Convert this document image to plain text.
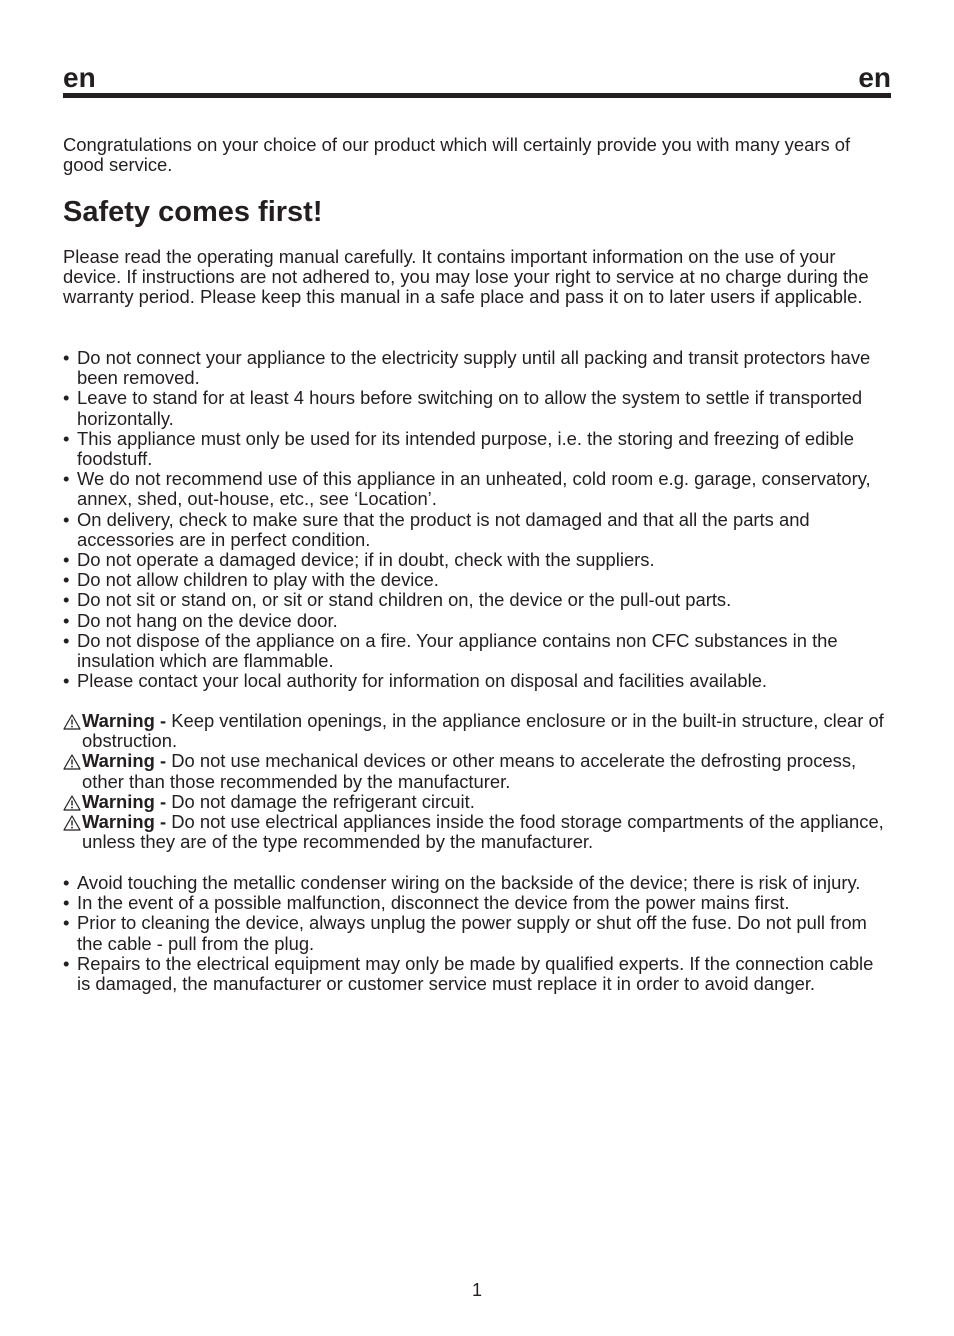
en	en
Congratulations on your choice of our product which will certainly provide you with many years of good service.
Safety comes first!
Please read the operating manual carefully. It contains important information on the use of your device. If instructions are not adhered to, you may lose your right to service at no charge during the warranty period. Please keep this manual in a safe place and pass it on to later users if applicable.
• Do not connect your appliance to the electricity supply until all packing and transit protectors have been removed.
• Leave to stand for at least 4 hours before switching on to allow the system to settle if transported horizontally.
• This appliance must only be used for its intended purpose, i.e. the storing and freezing of edible foodstuff.
• We do not recommend use of this appliance in an unheated, cold room e.g. garage, conservatory, annex, shed, out-house, etc., see ‘Location’.
• On delivery, check to make sure that the product is not damaged and that all the parts and accessories are in perfect condition.
• Do not operate a damaged device; if in doubt, check with the suppliers.
• Do not allow children to play with the device.
• Do not sit or stand on, or sit or stand children on, the device or the pull-out parts.
• Do not hang on the device door.
• Do not dispose of the appliance on a fire. Your appliance contains non CFC substances in the insulation which are flammable.
• Please contact your local authority for information on disposal and facilities available.
Warning - Keep ventilation openings, in the appliance enclosure or in the built-in structure, clear of obstruction.
Warning - Do not use mechanical devices or other means to accelerate the defrosting process, other than those recommended by the manufacturer.
Warning - Do not damage the refrigerant circuit.
Warning - Do not use electrical appliances inside the food storage compartments of the appliance, unless they are of the type recommended by the manufacturer.
• Avoid touching the metallic condenser wiring on the backside of the device; there is risk of injury.
• In the event of a possible malfunction, disconnect the device from the power mains first.
• Prior to cleaning the device, always unplug the power supply or shut off the fuse. Do not pull from the cable - pull from the plug.
• Repairs to the electrical equipment may only be made by qualified experts. If the connection cable is damaged, the manufacturer or customer service must replace it in order to avoid danger.
1
